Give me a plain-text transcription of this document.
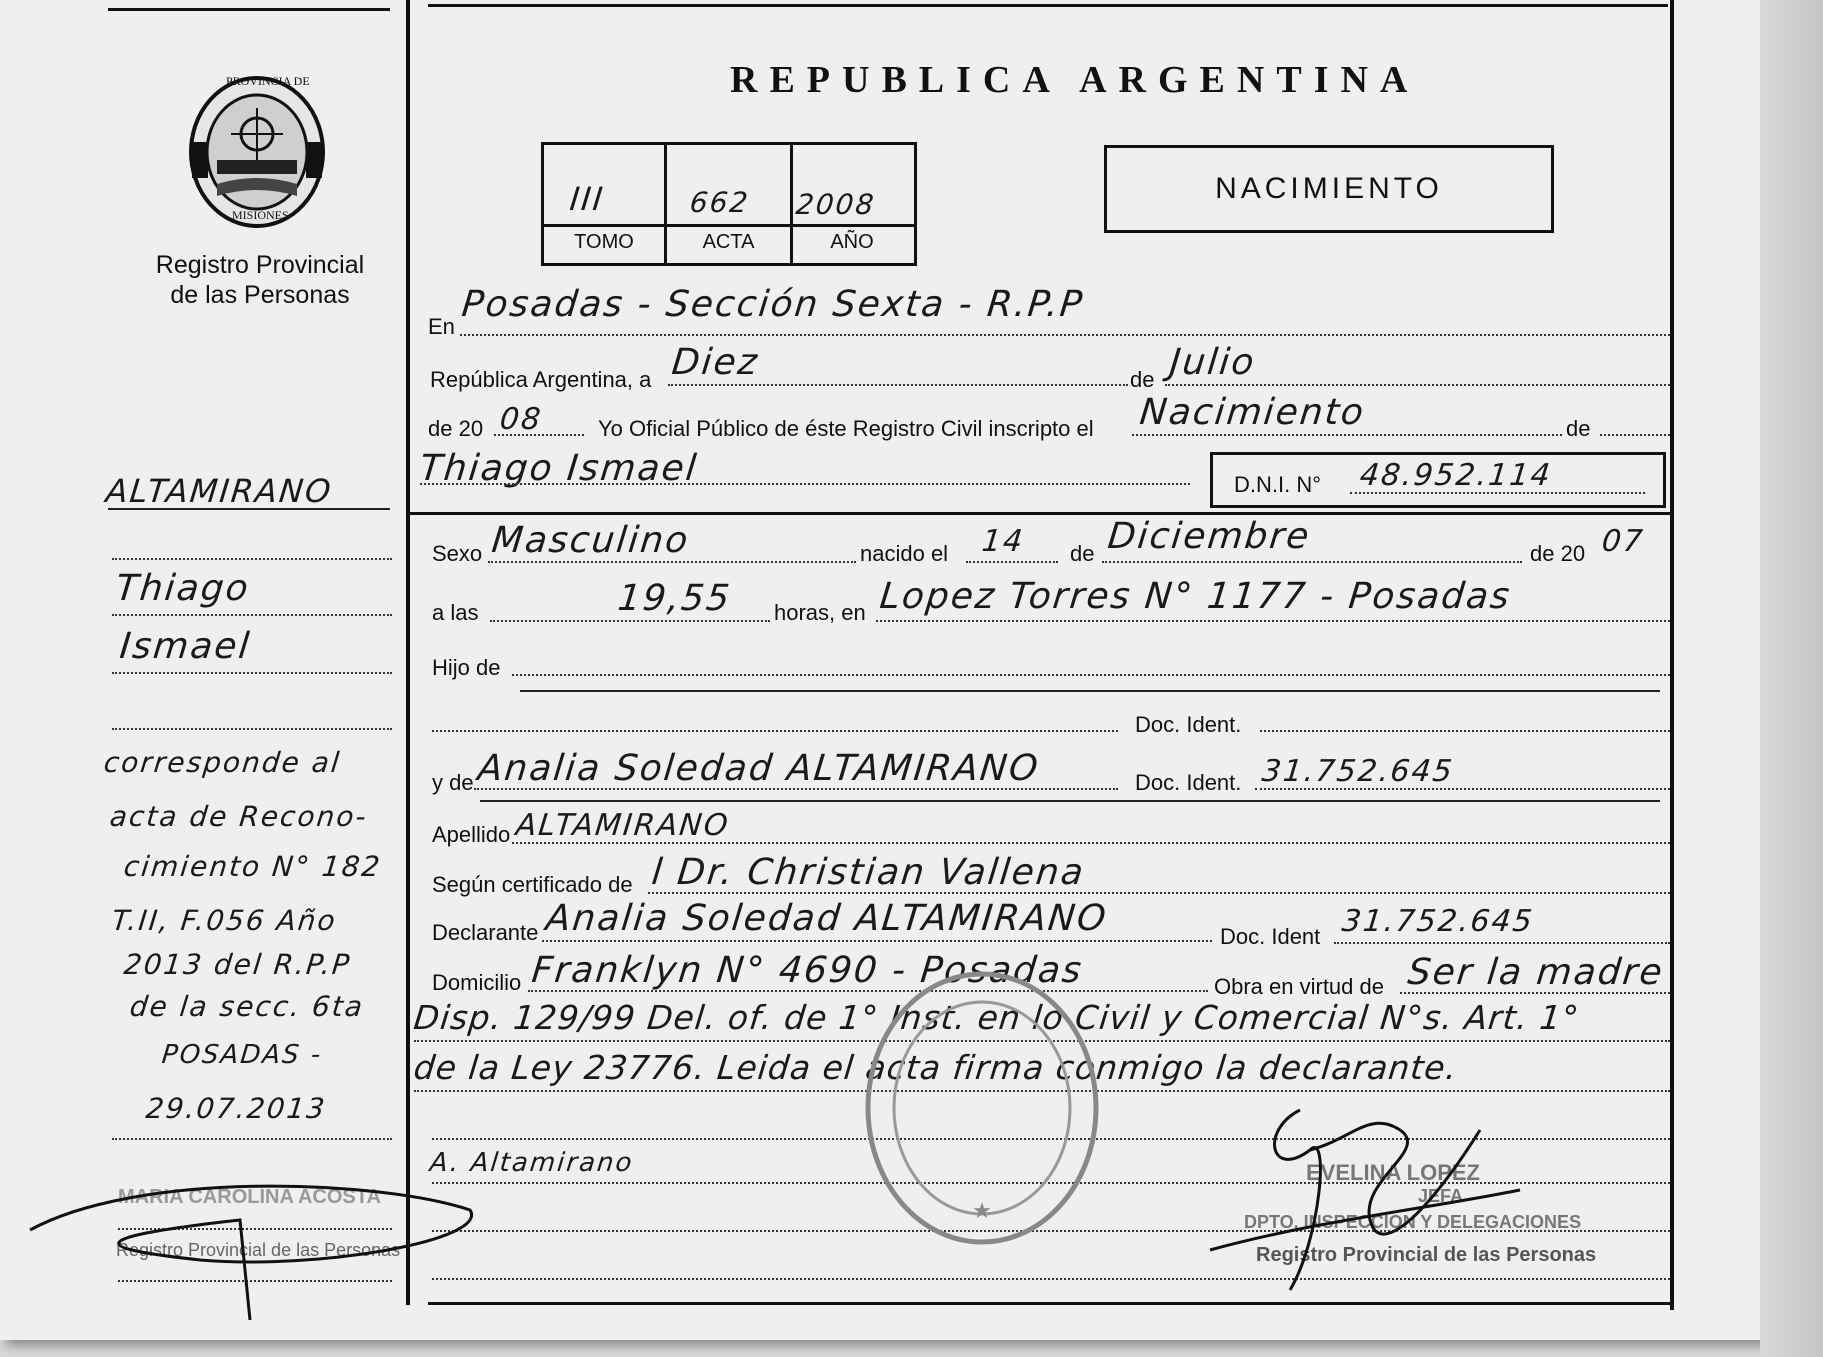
PROVINCIA DE
MISIONES
Registro Provincial
de las Personas
REPUBLICA ARGENTINA
III	662 2008
TOMO	ACTA	AÑO
NACIMIENTO
En
Posadas - Sección Sexta - R.P.P
República Argentina, a Diez	de Julio
de 20 08 Yo Oficial Público de éste Registro Civil inscripto el Nacimiento	de
Thiago Ismael	D.N.I. N° 48.952.114
Sexo Masculino	nacido el 14 de Diciembre	de 20 07
a las	19,55 horas, en Lopez Torres N° 1177 - Posadas
Hijo de
Doc. Ident.
y de Analia Soledad ALTAMIRANO	Doc. Ident. 31.752.645
Apellido ALTAMIRANO
Según certificado de l Dr. Christian Vallena
Declarante Analia Soledad ALTAMIRANO	Doc. Ident 31.752.645
Domicilio Franklyn N° 4690 - Posadas	Obra en virtud de Ser la madre
Disp. 129/99 Del. of. de 1° Inst. en lo Civil y Comercial N°s. Art. 1°
de la Ley 23776. Leida el acta firma conmigo la declarante.
A. Altamirano
ALTAMIRANO
Thiago
Ismael
corresponde al
acta de Recono-
cimiento N° 182
T.II, F.056 Año
2013 del R.P.P
de la secc. 6ta
POSADAS -
29.07.2013
MARIA CAROLINA ACOSTA
Registro Provincial de las Personas
★
EVELINA LOPEZ
JEFA
DPTO. INSPECCION Y DELEGACIONES
Registro Provincial de las Personas
